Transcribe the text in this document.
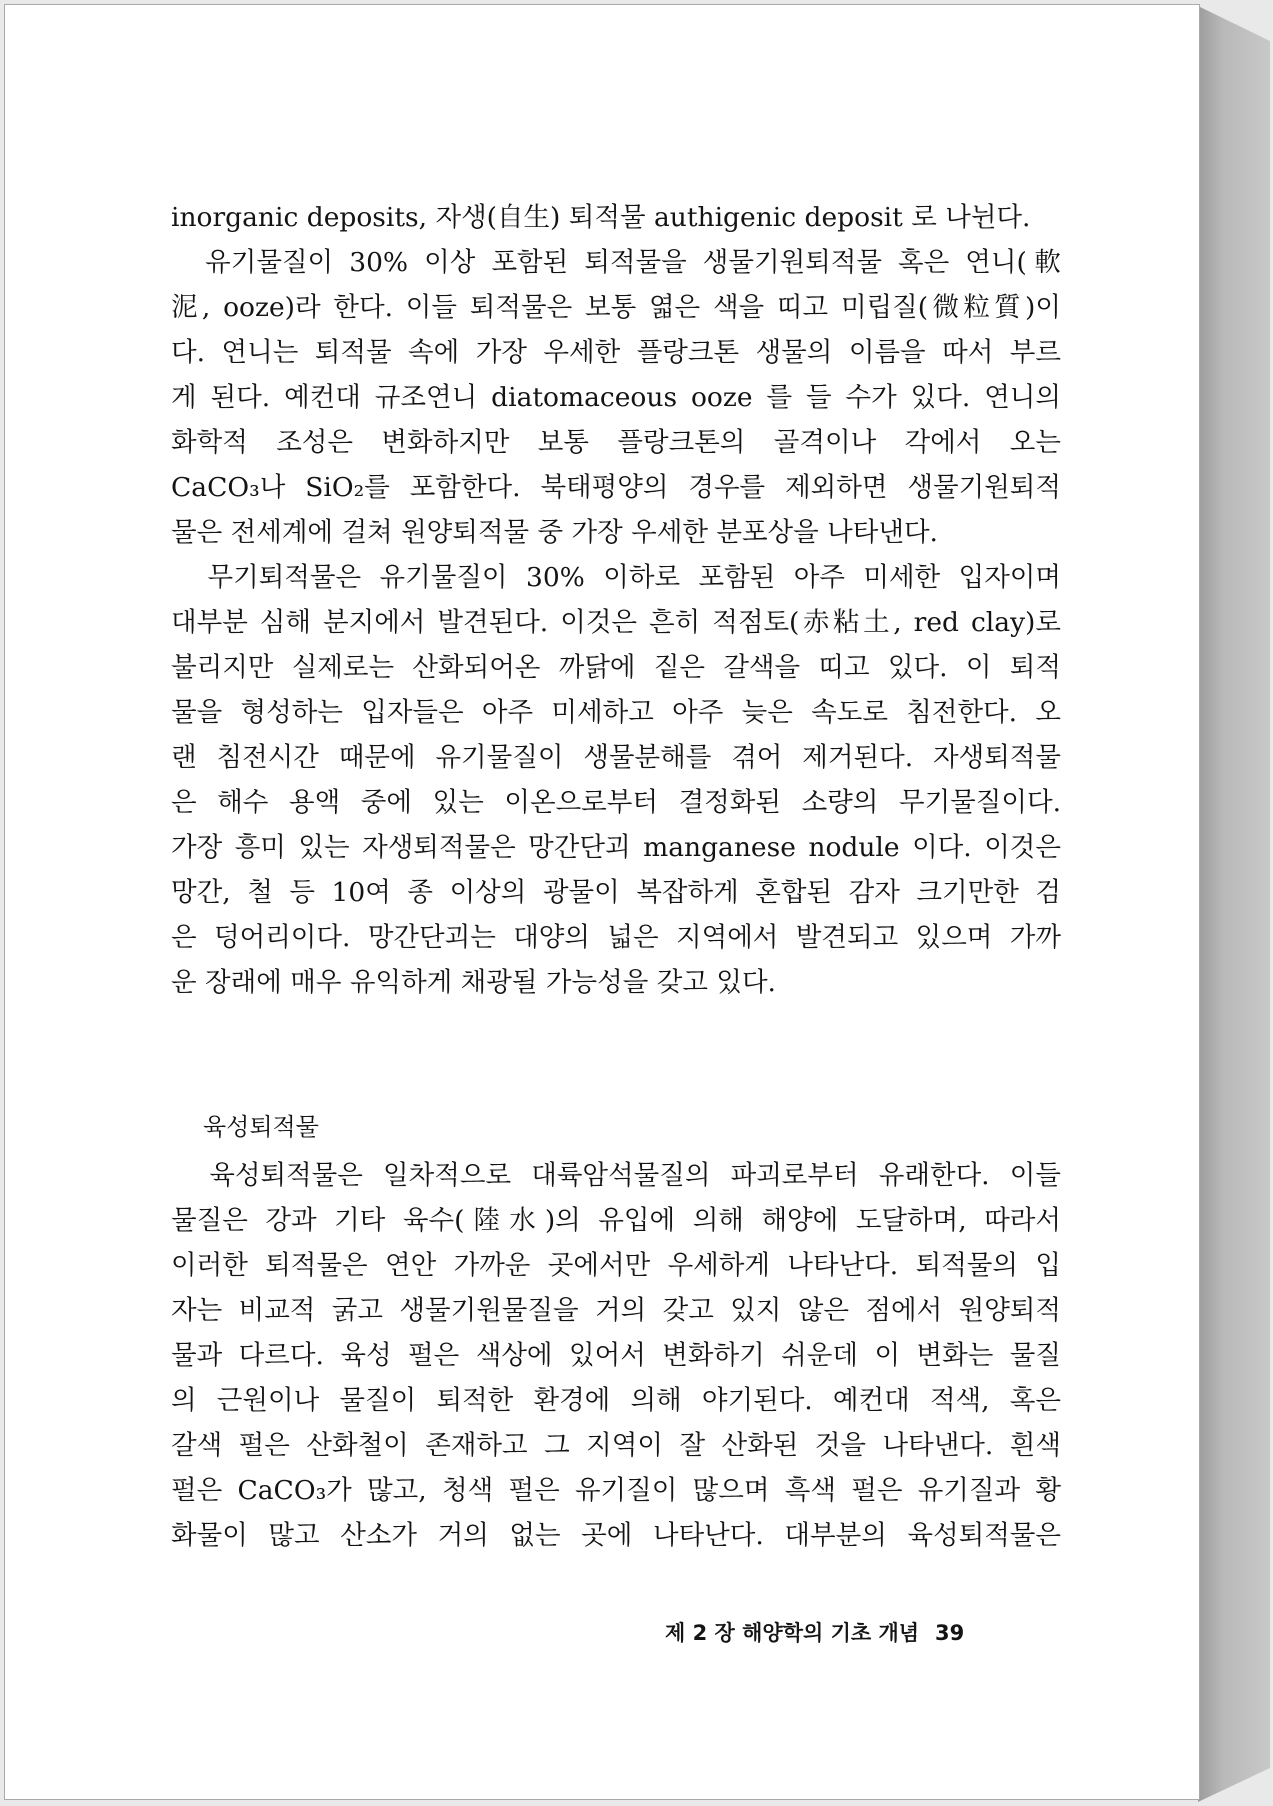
inorganic deposits, 자생(自生) 퇴적물 authigenic deposit 로 나뉜다.

　유기물질이 30% 이상 포함된 퇴적물을 생물기원퇴적물 혹은 연니(軟
泥, ooze)라 한다. 이들 퇴적물은 보통 엷은 색을 띠고 미립질(微粒質)이
다. 연니는 퇴적물 속에 가장 우세한 플랑크톤 생물의 이름을 따서 부르
게 된다. 예컨대 규조연니 diatomaceous ooze 를 들 수가 있다. 연니의
화학적 조성은 변화하지만 보통 플랑크톤의 골격이나 각에서 오는
CaCO₃나 SiO₂를 포함한다. 북태평양의 경우를 제외하면 생물기원퇴적
물은 전세계에 걸쳐 원양퇴적물 중 가장 우세한 분포상을 나타낸다.

　무기퇴적물은 유기물질이 30% 이하로 포함된 아주 미세한 입자이며
대부분 심해 분지에서 발견된다. 이것은 흔히 적점토(赤粘土, red clay)로
불리지만 실제로는 산화되어온 까닭에 짙은 갈색을 띠고 있다. 이 퇴적
물을 형성하는 입자들은 아주 미세하고 아주 늦은 속도로 침전한다. 오
랜 침전시간 때문에 유기물질이 생물분해를 겪어 제거된다. 자생퇴적물
은 해수 용액 중에 있는 이온으로부터 결정화된 소량의 무기물질이다.
가장 흥미 있는 자생퇴적물은 망간단괴 manganese nodule 이다. 이것은
망간, 철 등 10여 종 이상의 광물이 복잡하게 혼합된 감자 크기만한 검
은 덩어리이다. 망간단괴는 대양의 넓은 지역에서 발견되고 있으며 가까
운 장래에 매우 유익하게 채광될 가능성을 갖고 있다.

육성퇴적물
　육성퇴적물은 일차적으로 대륙암석물질의 파괴로부터 유래한다. 이들
물질은 강과 기타 육수(陸水)의 유입에 의해 해양에 도달하며, 따라서
이러한 퇴적물은 연안 가까운 곳에서만 우세하게 나타난다. 퇴적물의 입
자는 비교적 굵고 생물기원물질을 거의 갖고 있지 않은 점에서 원양퇴적
물과 다르다. 육성 펄은 색상에 있어서 변화하기 쉬운데 이 변화는 물질
의 근원이나 물질이 퇴적한 환경에 의해 야기된다. 예컨대 적색, 혹은
갈색 펄은 산화철이 존재하고 그 지역이 잘 산화된 것을 나타낸다. 흰색
펄은 CaCO₃가 많고, 청색 펄은 유기질이 많으며 흑색 펄은 유기질과 황
화물이 많고 산소가 거의 없는 곳에 나타난다. 대부분의 육성퇴적물은
제 2 장 해양학의 기초 개념 39
